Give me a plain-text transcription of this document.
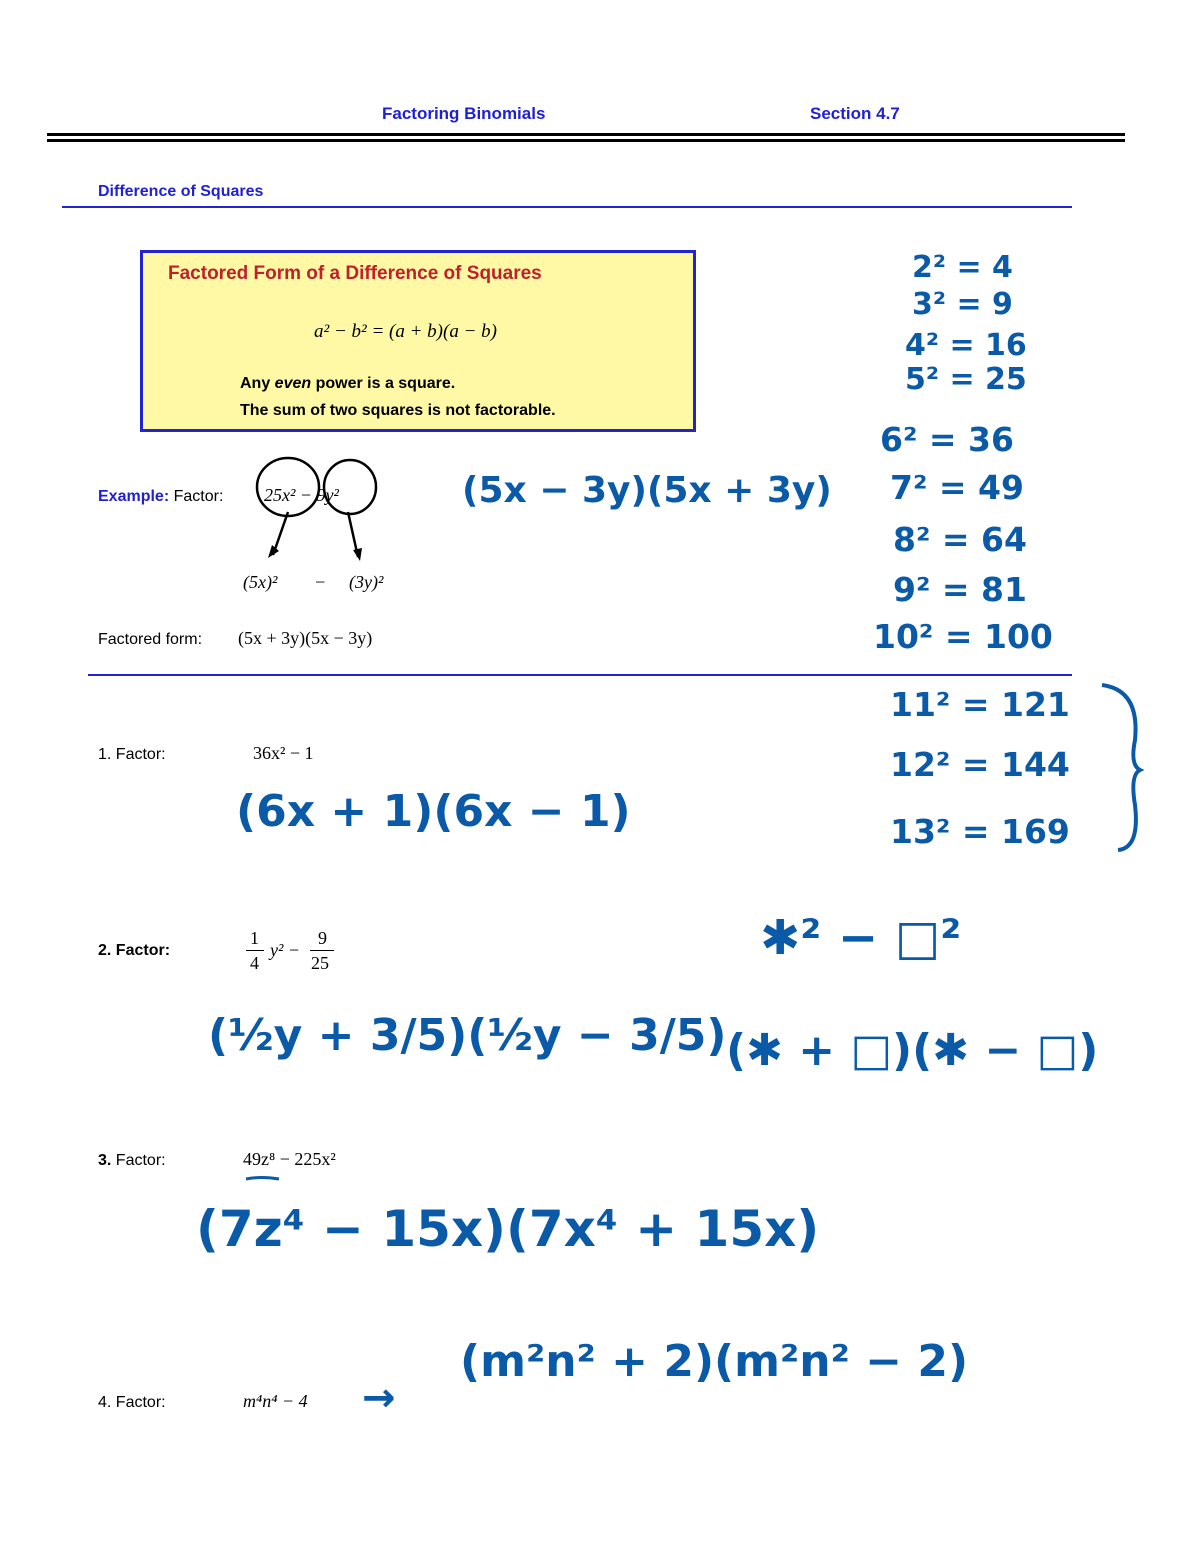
Factoring Binomials	Section 4.7
Difference of Squares
Factored Form of a Difference of Squares
a² − b² = (a + b)(a − b)
Any even power is a square.
The sum of two squares is not factorable.
Example: Factor: 25x² − 9y²
(5x)² − (3y)²
Factored form: (5x + 3y)(5x − 3y)
(5x − 3y)(5x + 3y)
2² = 4
3² = 9
4² = 16
5² = 25
6² = 36
7² = 49
8² = 64
9² = 81
10² = 100
11² = 121
12² = 144
13² = 169
1. Factor:	36x² − 1
(6x + 1)(6x − 1)
2. Factor:
1
4
y² −
9
25
(½y + 3/5)(½y − 3/5)
✱² − □²
(✱ + □)(✱ − □)
3. Factor:	49z⁸ − 225x²
(7z⁴ − 15x)(7x⁴ + 15x)
4. Factor:	m⁴n⁴ − 4 →
(m²n² + 2)(m²n² − 2)
